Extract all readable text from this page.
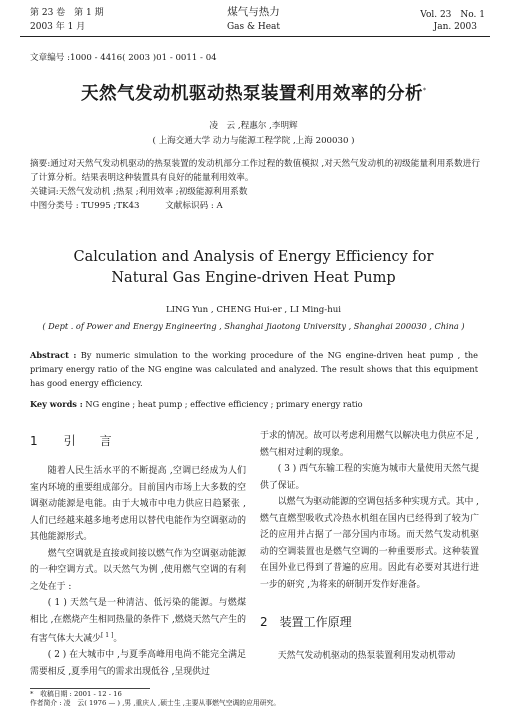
第 23 卷　第 1 期
2003 年 1 月
煤气与热力
Gas & Heat
Vol. 23　No. 1
Jan. 2003
文章编号 :1000 - 4416( 2003 )01 - 0011 - 04
天然气发动机驱动热泵装置利用效率的分析*
凌　云 ,程惠尔 ,李明辉
( 上海交通大学 动力与能源工程学院 ,上海 200030 )
摘要:通过对天然气发动机驱动的热泵装置的发动机部分工作过程的数值模拟 ,对天然气发动机的初级能量利用系数进行了计算分析。结果表明这种装置具有良好的能量利用效率。
关键词:天然气发动机 ;热泵 ;利用效率 ;初级能源利用系数
中图分类号 : TU995 ;TK43　　　文献标识码 : A
Calculation and Analysis of Energy Efficiency for
Natural Gas Engine-driven Heat Pump
LING Yun , CHENG Hui-er , LI Ming-hui
( Dept . of Power and Energy Engineering , Shanghai Jiaotong University , Shanghai 200030 , China )
Abstract : By numeric simulation to the working procedure of the NG engine-driven heat pump , the primary energy ratio of the NG engine was calculated and analyzed. The result shows that this equipment has good energy efficiency.
Key words : NG engine ; heat pump ; effective efficiency ; primary energy ratio
1 引　　言

随着人民生活水平的不断提高 ,空调已经成为人们室内环境的重要组成部分。目前国内市场上大多数的空调驱动能源是电能。由于大城市中电力供应日趋紧张 ,人们已经越来越多地考虑用以替代电能作为空调驱动的其他能源形式。

燃气空调就是直接或间接以燃气作为空调驱动能源的一种空调方式。以天然气为例 ,使用燃气空调的有利之处在于 :

( 1 ) 天然气是一种清洁、低污染的能源。与燃煤相比 ,在燃烧产生相同热量的条件下 ,燃烧天然气产生的有害气体大大减少[ 1 ]。

( 2 ) 在大城市中 ,与夏季高峰用电尚不能完全满足需要相反 ,夏季用气的需求出现低谷 ,呈现供过

于求的情况。故可以考虑利用燃气以解决电力供应不足 ,燃气相对过剩的现象。

( 3 ) 西气东输工程的实施为城市大量使用天然气提供了保证。

以燃气为驱动能源的空调包括多种实现方式。其中 ,燃气直燃型吸收式冷热水机组在国内已经得到了较为广泛的应用并占据了一部分国内市场。而天然气发动机驱动的空调装置也是燃气空调的一种重要形式。这种装置在国外业已得到了普遍的应用。因此有必要对其进行进一步的研究 ,为将来的研制开发作好准备。

2 装置工作原理

天然气发动机驱动的热泵装置利用发动机带动

*　收稿日期 : 2001 - 12 - 16
作者简介 : 凌　云( 1976 — ) ,男 ,重庆人 ,硕士生 ,主要从事燃气空调的应用研究。
